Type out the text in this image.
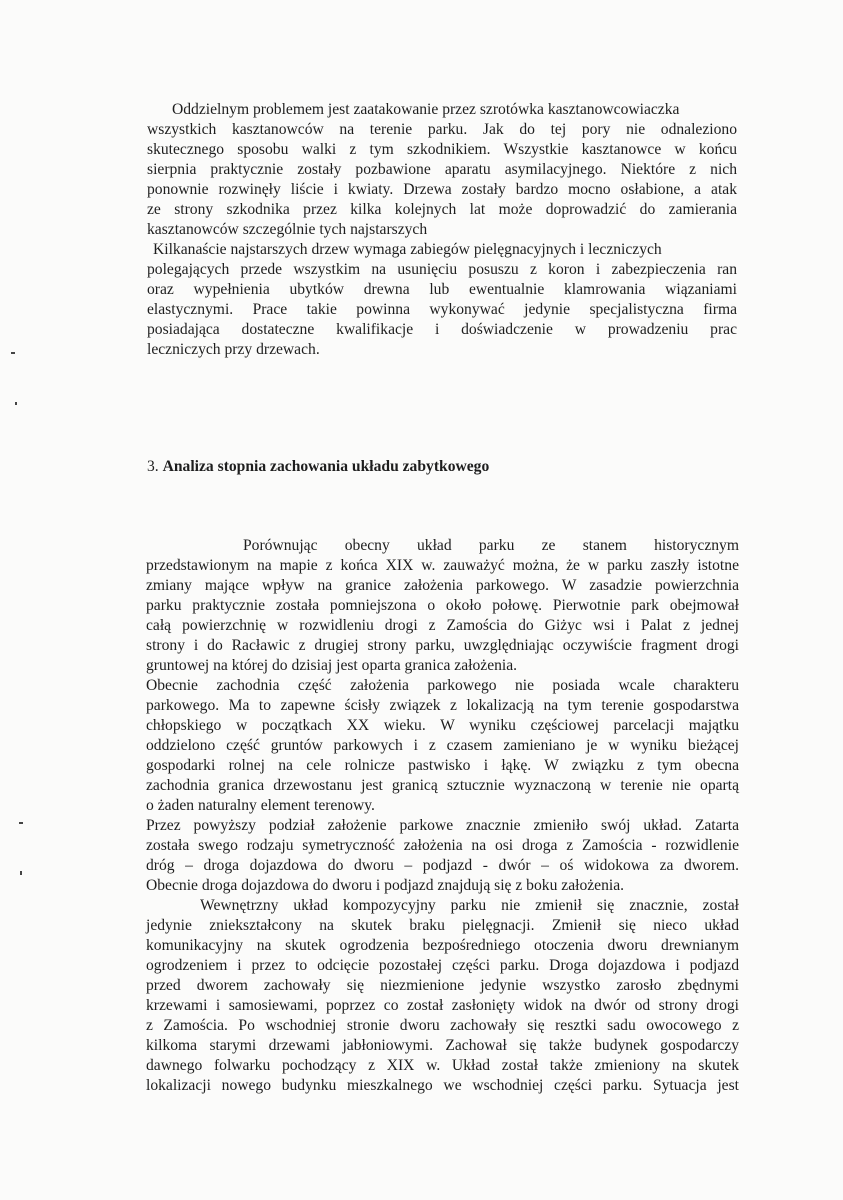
Oddzielnym problemem jest zaatakowanie przez szrotówka kasztanowcowiaczka
wszystkich kasztanowców na terenie parku. Jak do tej pory nie odnaleziono
skutecznego sposobu walki z tym szkodnikiem. Wszystkie kasztanowce w końcu
sierpnia praktycznie zostały pozbawione aparatu asymilacyjnego. Niektóre z nich
ponownie rozwinęły liście i kwiaty. Drzewa zostały bardzo mocno osłabione, a atak
ze strony szkodnika przez kilka kolejnych lat może doprowadzić do zamierania
kasztanowców szczególnie tych najstarszych
Kilkanaście najstarszych drzew wymaga zabiegów pielęgnacyjnych i leczniczych
polegających przede wszystkim na usunięciu posuszu z koron i zabezpieczenia ran
oraz wypełnienia ubytków drewna lub ewentualnie klamrowania wiązaniami
elastycznymi. Prace takie powinna wykonywać jedynie specjalistyczna firma
posiadająca dostateczne kwalifikacje i doświadczenie w prowadzeniu prac
leczniczych przy drzewach.
3. Analiza stopnia zachowania układu zabytkowego
Porównując obecny układ parku ze stanem historycznym
przedstawionym na mapie z końca XIX w. zauważyć można, że w parku zaszły istotne
zmiany mające wpływ na granice założenia parkowego. W zasadzie powierzchnia
parku praktycznie została pomniejszona o około połowę. Pierwotnie park obejmował
całą powierzchnię w rozwidleniu drogi z Zamościa do Giżyc wsi i Palat z jednej
strony i do Racławic z drugiej strony parku, uwzględniając oczywiście fragment drogi
gruntowej na której do dzisiaj jest oparta granica założenia.
Obecnie zachodnia część założenia parkowego nie posiada wcale charakteru
parkowego. Ma to zapewne ścisły związek z lokalizacją na tym terenie gospodarstwa
chłopskiego w początkach XX wieku. W wyniku częściowej parcelacji majątku
oddzielono część gruntów parkowych i z czasem zamieniano je w wyniku bieżącej
gospodarki rolnej na cele rolnicze pastwisko i łąkę. W związku z tym obecna
zachodnia granica drzewostanu jest granicą sztucznie wyznaczoną w terenie nie opartą
o żaden naturalny element terenowy.
Przez powyższy podział założenie parkowe znacznie zmieniło swój układ. Zatarta
została swego rodzaju symetryczność założenia na osi droga z Zamościa - rozwidlenie
dróg – droga dojazdowa do dworu – podjazd - dwór – oś widokowa za dworem.
Obecnie droga dojazdowa do dworu i podjazd znajdują się z boku założenia.
Wewnętrzny układ kompozycyjny parku nie zmienił się znacznie, został
jedynie zniekształcony na skutek braku pielęgnacji. Zmienił się nieco układ
komunikacyjny na skutek ogrodzenia bezpośredniego otoczenia dworu drewnianym
ogrodzeniem i przez to odcięcie pozostałej części parku. Droga dojazdowa i podjazd
przed dworem zachowały się niezmienione jedynie wszystko zarosło zbędnymi
krzewami i samosiewami, poprzez co został zasłonięty widok na dwór od strony drogi
z Zamościa. Po wschodniej stronie dworu zachowały się resztki sadu owocowego z
kilkoma starymi drzewami jabłoniowymi. Zachował się także budynek gospodarczy
dawnego folwarku pochodzący z XIX w. Układ został także zmieniony na skutek
lokalizacji nowego budynku mieszkalnego we wschodniej części parku. Sytuacja jest
